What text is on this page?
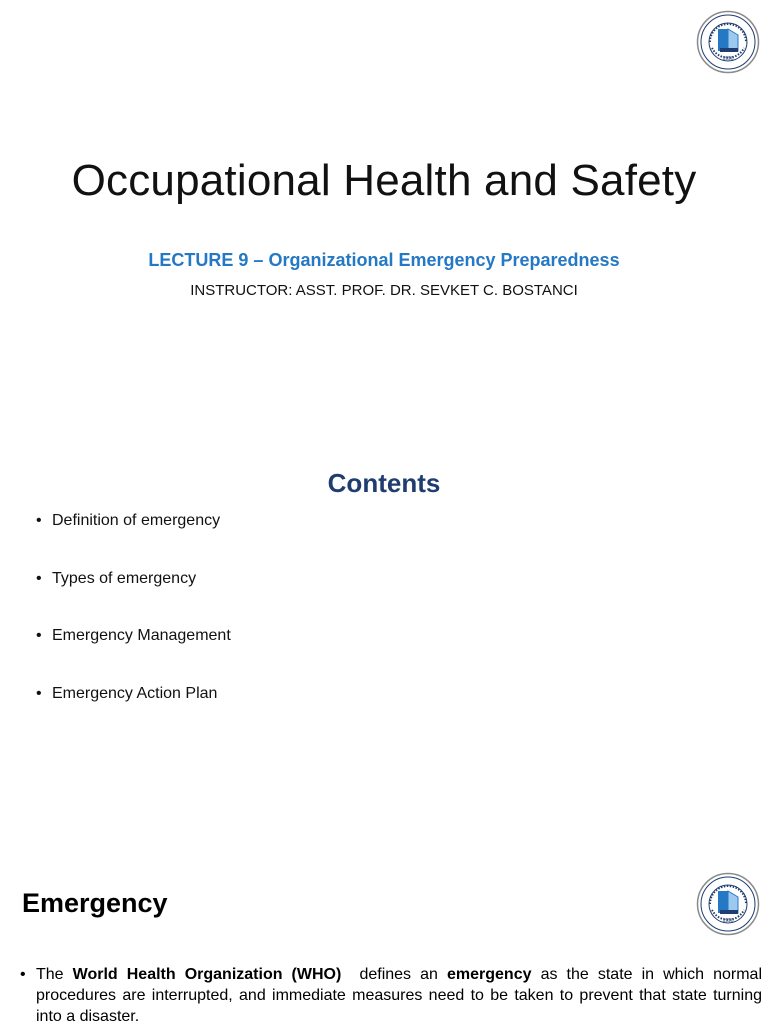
1990
Occupational Health and Safety
LECTURE 9 – Organizational Emergency Preparedness
INSTRUCTOR: ASST. PROF. DR. SEVKET C. BOSTANCI
Contents
• Definition of emergency
• Types of emergency
• Emergency Management
• Emergency Action Plan
1990
Emergency
• The World Health Organization (WHO)  defines an emergency as the state in which normal procedures are interrupted, and immediate measures need to be taken to prevent that state turning into a disaster.
